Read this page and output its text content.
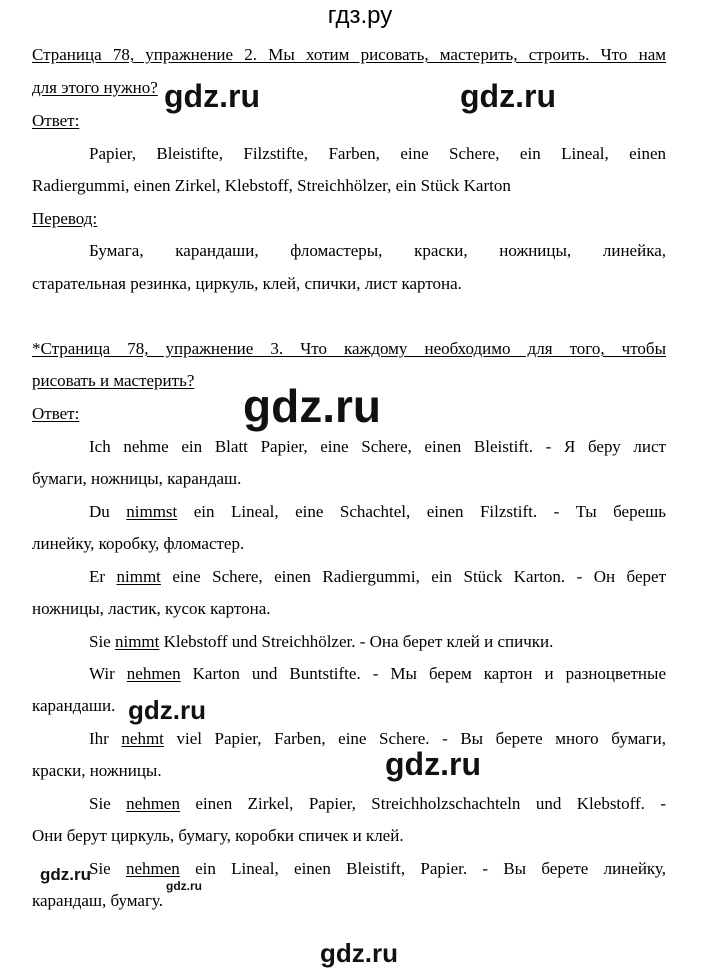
гдз.ру
Страница 78, упражнение 2. Мы хотим рисовать, мастерить, строить. Что нам
для этого нужно?
Ответ:
Papier, Bleistifte, Filzstifte, Farben, eine Schere, ein Lineal, einen
Radiergummi, einen Zirkel, Klebstoff, Streichhölzer, ein Stück Karton
Перевод:
Бумага, карандаши, фломастеры, краски, ножницы, линейка,
старательная резинка, циркуль, клей, спички, лист картона.
*Страница 78, упражнение 3. Что каждому необходимо для того, чтобы
рисовать и мастерить?
Ответ:
Ich nehme ein Blatt Papier, eine Schere, einen Bleistift. - Я беру лист
бумаги, ножницы, карандаш.
Du nimmst ein Lineal, eine Schachtel, einen Filzstift. - Ты берешь
линейку, коробку, фломастер.
Er nimmt eine Schere, einen Radiergummi, ein Stück Karton. - Он берет
ножницы, ластик, кусок картона.
Sie nimmt Klebstoff und Streichhölzer. - Она берет клей и спички.
Wir nehmen Karton und Buntstifte. - Мы берем картон и разноцветные
карандаши.
Ihr nehmt viel Papier, Farben, eine Schere. - Вы берете много бумаги,
краски, ножницы.
Sie nehmen einen Zirkel, Papier, Streichholzschachteln und Klebstoff. -
Они берут циркуль, бумагу, коробки спичек и клей.
Sie nehmen ein Lineal, einen Bleistift, Papier. - Вы берете линейку,
карандаш, бумагу.
gdz.ru	gdz.ru
gdz.ru
gdz.ru
gdz.ru
gdz.ru
gdz.ru
gdz.ru
